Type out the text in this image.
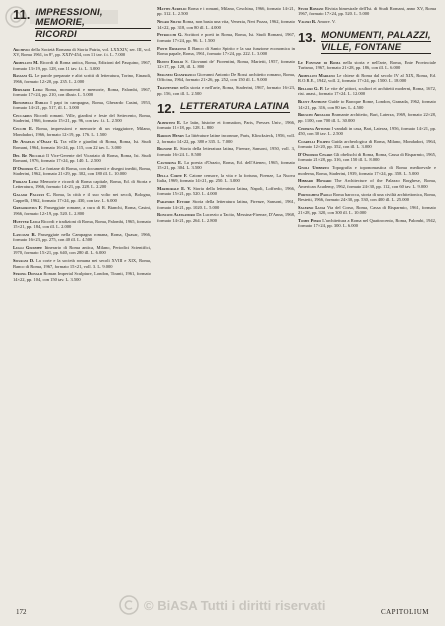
11. IMPRESSIONI, MEMORIE,
RICORDI
Archivio della Società Romana di Storia Patria, vol. LXXXIV, ser. III, vol. XV, Roma 1961, in 8°, pp. XXIV-454, con 11 tav. f.t. L. 7.000
Armellini M. Ricordi di Roma antica, Roma, Edizioni del Pasquino, 1967, formato 13×19, pp. 128, con 11 tav. f.t. L. 3.000
Bassani G. Le parole preparate e altri scritti di letteratura, Torino, Einaudi, 1966, formato 12×20, pp. 235. L. 2.000
Bernardi Luigi Roma, monumenti e memorie, Roma, Palombi, 1967, formato 17×24, pp. 210, con illustr. L. 5.000
Bonomelli Emilio I papi in campagna, Roma, Gherardo Casini, 1953, formato 14×21, pp. 517, ill. L. 3.000
Ceccarius Ricordi romani. Ville, giardini e feste del Settecento, Roma, Staderini, 1966, formato 15×21, pp. 96, con tav. f.t. L. 2.500
Cecchi E. Roma, impressioni e memorie di un viaggiatore, Milano, Mondadori, 1966, formato 12×19, pp. 176. L. 1.500
De Angelis d'Ossat G. Tra ville e giardini di Roma, Roma, Ist. Studi Romani, 1964, formato 16×24, pp. 115, con 22 tav. L. 3.000
Del Re Niccolò Il Vice-Gerente del Vicariato di Roma, Roma, Ist. Studi Romani, 1976, formato 17×24, pp. 140. L. 2.500
D'Onofrio C. Le fontane di Roma, con documenti e disegni inediti, Roma, Staderini, 1962, formato 21×29, pp. 302, con 180 ill. L. 10.000
Fiorani Luigi Memorie e ricordi di Roma capitale, Roma, Ed. di Storia e Letteratura, 1966, formato 14×21, pp. 228. L. 2.200
Galassi Paluzzi C. Roma, la città e il suo volto nei secoli, Bologna, Cappelli, 1962, formato 17×24, pp. 430, con tav. L. 6.000
Gregorovius F. Passeggiate romane, a cura di R. Bianchi, Roma, Casini, 1966, formato 12×19, pp. 520. L. 2.800
Huetter Luigi Ricordi e tradizioni di Roma, Roma, Palombi, 1965, formato 15×21, pp. 184, con ill. L. 2.000
Lanciani R. Passeggiate nella Campagna romana, Roma, Quasar, 1966, formato 16×23, pp. 275, con 40 ill. L. 4.500
Lugli Giuseppe Itinerario di Roma antica, Milano, Periodici Scientifici, 1970, formato 15×21, pp. 640, con 280 ill. L. 6.000
Silvagni D. La corte e la società romana nei secoli XVIII e XIX, Roma, Banco di Roma, 1967, formato 15×21, voll. 3. L. 9.000
Strong Donald Roman Imperial Sculpture, London, Tiranti, 1961, formato 14×22, pp. 104, con 150 tav. L. 3.500
Mattei Aurelio Roma e i romani, Milano, Ceschina, 1966, formato 14×21, pp. 312. L. 2.500
Negro Silvio Roma, non basta una vita, Venezia, Neri Pozza, 1962, formato 14×22, pp. 318, con 80 ill. L. 4.000
Petrocchi G. Scrittori e poeti in Roma, Roma, Ist. Studi Romani, 1967, formato 17×24, pp. 96. L. 1.500
Ponti Ermanno Il Banco di Santo Spirito e la sua funzione economica in Roma papale, Roma, 1961, formato 17×24, pp. 222. L. 3.000
Rufini Emilio S. Giovanni de' Fiorentini, Roma, Marietti, 1957, formato 12×17, pp. 128, ill. L. 800
Spagnesi Gianfranco Giovanni Antonio De Rossi architetto romano, Roma, Officina, 1964, formato 21×26, pp. 252, con 150 ill. L. 9.000
Trastevere nella storia e nell'arte, Roma, Staderini, 1967, formato 16×23, pp. 156, con ill. L. 2.500
12. LETTERATURA LATINA
Albertini E. Le latin, histoire et formation, Paris, Presses Univ., 1966, formato 11×18, pp. 128. L. 800
Bardon Henry La littérature latine inconnue, Paris, Klincksieck, 1956, voll. 2, formato 14×22, pp. 380 e 335. L. 7.000
Bignone E. Storia della letteratura latina, Firenze, Sansoni, 1950, voll. 3, formato 16×24. L. 8.500
Castorina E. La poesia d'Orazio, Roma, Ed. dell'Ateneo, 1965, formato 15×21, pp. 304. L. 3.500
Della Corte F. Catone censore, la vita e la fortuna, Firenze, La Nuova Italia, 1969, formato 14×21, pp. 250. L. 3.000
Marmorale E. V. Storia della letteratura latina, Napoli, Loffredo, 1966, formato 15×21, pp. 520. L. 4.000
Paratore Ettore Storia della letteratura latina, Firenze, Sansoni, 1961, formato 14×21, pp. 1020. L. 5.000
Ronconi Alessandro Da Lucrezio a Tacito, Messina-Firenze, D'Anna, 1968, formato 14×21, pp. 264. L. 2.800
Studi Romani Rivista bimestrale dell'Ist. di Studi Romani, anno XV, Roma 1967, formato 17×24, pp. 520. L. 5.000
Valeri R. Amore. V.
13. MONUMENTI, PALAZZI,
VILLE, FONTANE
Le Fontane di Roma nella storia e nell'arte, Roma, Ente Provinciale Turismo, 1967, formato 21×28, pp. 186, con ill. L. 6.000
Armellini Mariano Le chiese di Roma dal secolo IV al XIX, Roma, Ed. R.O.R.E., 1942, voll. 2, formato 17×24, pp. 1500. L. 18.000
Bellori G. P. Le vite de' pittori, scultori et architetti moderni, Roma, 1672, rist. anast., formato 17×24. L. 12.000
Blunt Anthony Guide to Baroque Rome, London, Granada, 1962, formato 14×21, pp. 316, con 80 tav. L. 4.500
Bruschi Arnaldo Bramante architetto, Bari, Laterza, 1969, formato 22×28, pp. 1100, con 700 ill. L. 30.000
Cederna Antonio I vandali in casa, Bari, Laterza, 1956, formato 14×21, pp. 450, con 30 tav. L. 2.500
Coarelli Filippo Guida archeologica di Roma, Milano, Mondadori, 1964, formato 12×20, pp. 352, con ill. L. 3.000
D'Onofrio Cesare Gli obelischi di Roma, Roma, Cassa di Risparmio, 1965, formato 21×28, pp. 316, con 150 ill. L. 8.000
Gnoli Umberto Topografia e toponomastica di Roma medioevale e moderna, Roma, Staderini, 1939, formato 17×24, pp. 358. L. 5.000
Hibbard Howard The Architecture of the Palazzo Borghese, Roma, American Academy, 1962, formato 24×30, pp. 112, con 60 tav. L. 9.000
Portoghesi Paolo Roma barocca, storia di una civiltà architettonica, Roma, Bestetti, 1966, formato 24×30, pp. 530, con 400 ill. L. 25.000
Salerno Luigi Via del Corso, Roma, Cassa di Risparmio, 1961, formato 21×28, pp. 320, con 300 ill. L. 10.000
Tomei Piero L'architettura a Roma nel Quattrocento, Roma, Palombi, 1942, formato 17×24, pp. 300. L. 6.000
© BiASA Tutti i diritti riservati
172	CAPITOLIUM
